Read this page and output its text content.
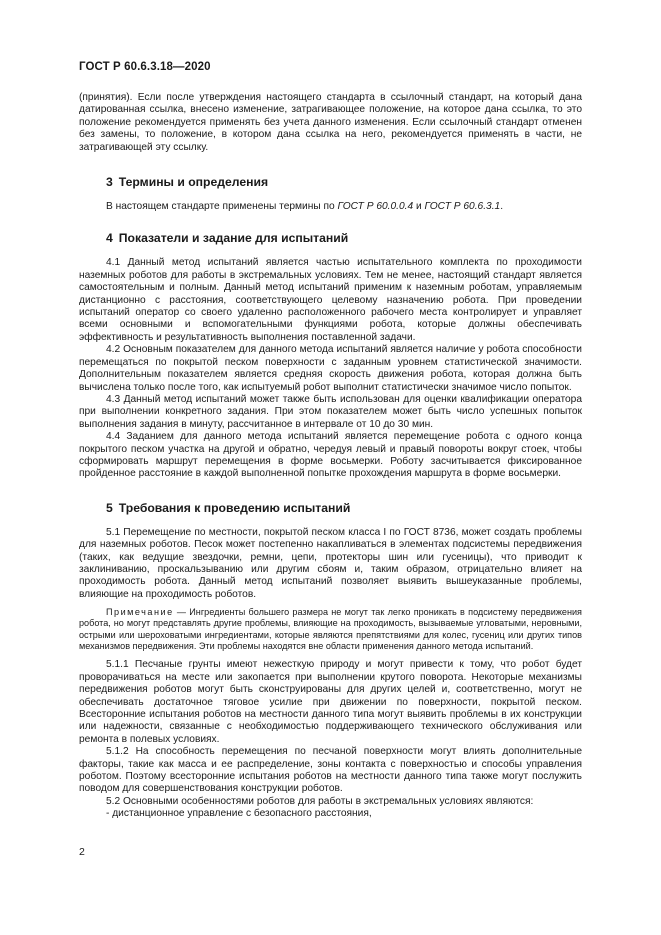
ГОСТ Р 60.6.3.18—2020

(принятия). Если после утверждения настоящего стандарта в ссылочный стандарт, на который дана датированная ссылка, внесено изменение, затрагивающее положение, на которое дана ссылка, то это положение рекомендуется применять без учета данного изменения. Если ссылочный стандарт отменен без замены, то положение, в котором дана ссылка на него, рекомендуется применять в части, не затрагивающей эту ссылку.

3 Термины и определения

В настоящем стандарте применены термины по ГОСТ Р 60.0.0.4 и ГОСТ Р 60.6.3.1.

4 Показатели и задание для испытаний

4.1 Данный метод испытаний является частью испытательного комплекта по проходимости наземных роботов для работы в экстремальных условиях. Тем не менее, настоящий стандарт является самостоятельным и полным. Данный метод испытаний применим к наземным роботам, управляемым дистанционно с расстояния, соответствующего целевому назначению робота. При проведении испытаний оператор со своего удаленно расположенного рабочего места контролирует и управляет всеми основными и вспомогательными функциями робота, которые должны обеспечивать эффективность и результативность выполнения поставленной задачи.

4.2 Основным показателем для данного метода испытаний является наличие у робота способности перемещаться по покрытой песком поверхности с заданным уровнем статистической значимости. Дополнительным показателем является средняя скорость движения робота, которая должна быть вычислена только после того, как испытуемый робот выполнит статистически значимое число попыток.

4.3 Данный метод испытаний может также быть использован для оценки квалификации оператора при выполнении конкретного задания. При этом показателем может быть число успешных попыток выполнения задания в минуту, рассчитанное в интервале от 10 до 30 мин.

4.4 Заданием для данного метода испытаний является перемещение робота с одного конца покрытого песком участка на другой и обратно, чередуя левый и правый повороты вокруг стоек, чтобы сформировать маршрут перемещения в форме восьмерки. Роботу засчитывается фиксированное пройденное расстояние в каждой выполненной попытке прохождения маршрута в форме восьмерки.

5 Требования к проведению испытаний

5.1 Перемещение по местности, покрытой песком класса I по ГОСТ 8736, может создать проблемы для наземных роботов. Песок может постепенно накапливаться в элементах подсистемы передвижения (таких, как ведущие звездочки, ремни, цепи, протекторы шин или гусеницы), что приводит к заклиниванию, проскальзыванию или другим сбоям и, таким образом, отрицательно влияет на проходимость робота. Данный метод испытаний позволяет выявить вышеуказанные проблемы, влияющие на проходимость роботов.

Примечание — Ингредиенты большего размера не могут так легко проникать в подсистему передвижения робота, но могут представлять другие проблемы, влияющие на проходимость, вызываемые угловатыми, неровными, острыми или шероховатыми ингредиентами, которые являются препятствиями для колес, гусениц или других типов механизмов передвижения. Эти проблемы находятся вне области применения данного метода испытаний.

5.1.1 Песчаные грунты имеют нежесткую природу и могут привести к тому, что робот будет проворачиваться на месте или закопается при выполнении крутого поворота. Некоторые механизмы передвижения роботов могут быть сконструированы для других целей и, соответственно, могут не обеспечивать достаточное тяговое усилие при движении по поверхности, покрытой песком. Всесторонние испытания роботов на местности данного типа могут выявить проблемы в их конструкции или надежности, связанные с необходимостью поддерживающего технического обслуживания или ремонта в полевых условиях.

5.1.2 На способность перемещения по песчаной поверхности могут влиять дополнительные факторы, такие как масса и ее распределение, зоны контакта с поверхностью и способы управления роботом. Поэтому всесторонние испытания роботов на местности данного типа также могут послужить поводом для совершенствования конструкции роботов.

5.2 Основными особенностями роботов для работы в экстремальных условиях являются:

- дистанционное управление с безопасного расстояния,

2
